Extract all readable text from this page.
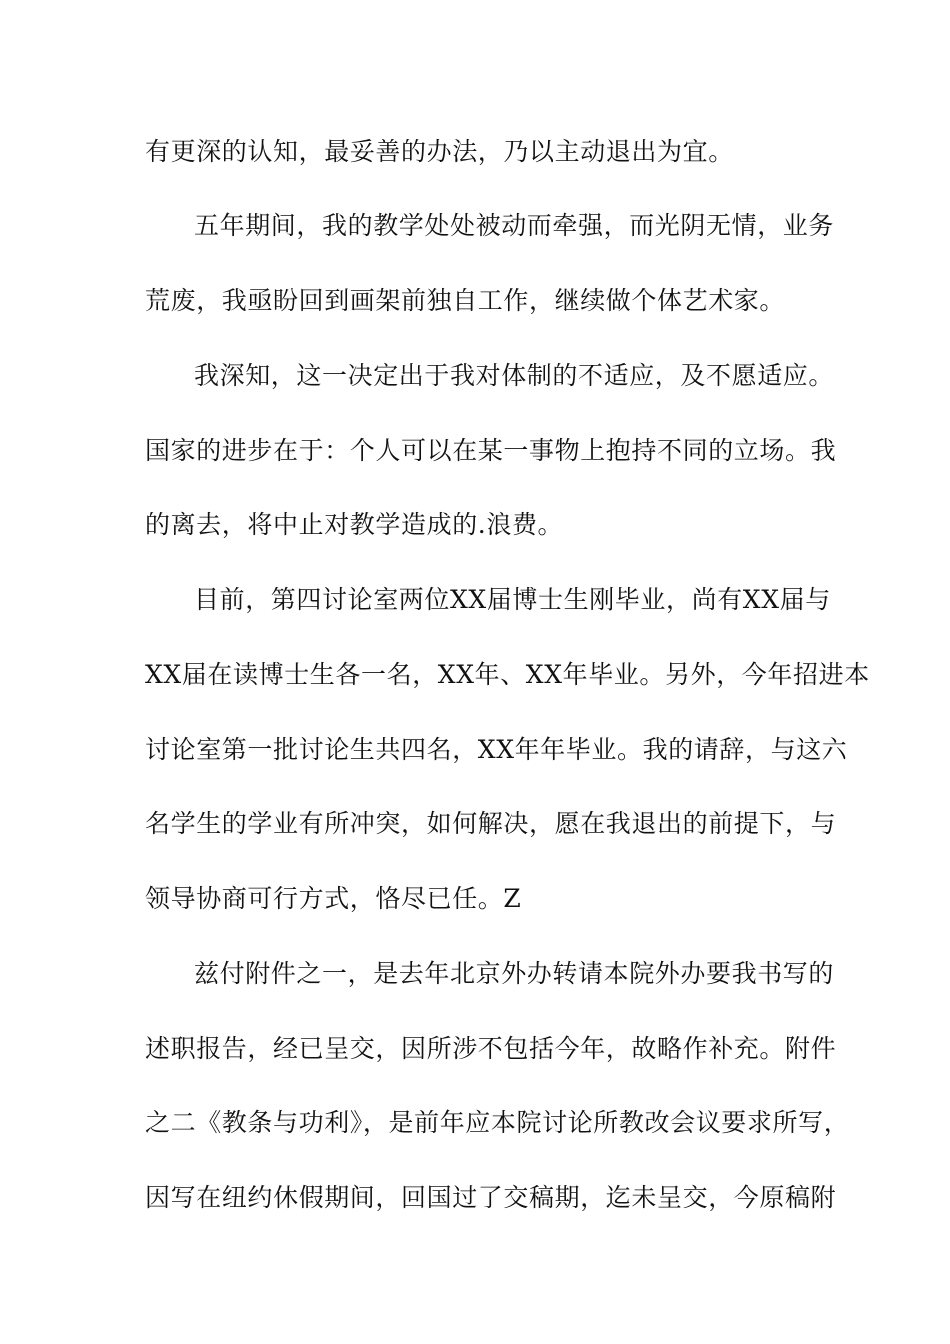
有更深的认知，最妥善的办法，乃以主动退出为宜。
五年期间，我的教学处处被动而牵强，而光阴无情，业务
荒废，我亟盼回到画架前独自工作，继续做个体艺术家。
我深知，这一决定出于我对体制的不适应，及不愿适应。
国家的进步在于：个人可以在某一事物上抱持不同的立场。我
的离去，将中止对教学造成的.浪费。
目前，第四讨论室两位XX届博士生刚毕业，尚有XX届与
XX届在读博士生各一名，XX年、XX年毕业。另外，今年招进本
讨论室第一批讨论生共四名，XX年年毕业。我的请辞，与这六
名学生的学业有所冲突，如何解决，愿在我退出的前提下，与
领导协商可行方式，恪尽已任。Z
兹付附件之一，是去年北京外办转请本院外办要我书写的
述职报告，经已呈交，因所涉不包括今年，故略作补充。附件
之二《教条与功利》，是前年应本院讨论所教改会议要求所写，
因写在纽约休假期间，回国过了交稿期，迄未呈交，今原稿附
